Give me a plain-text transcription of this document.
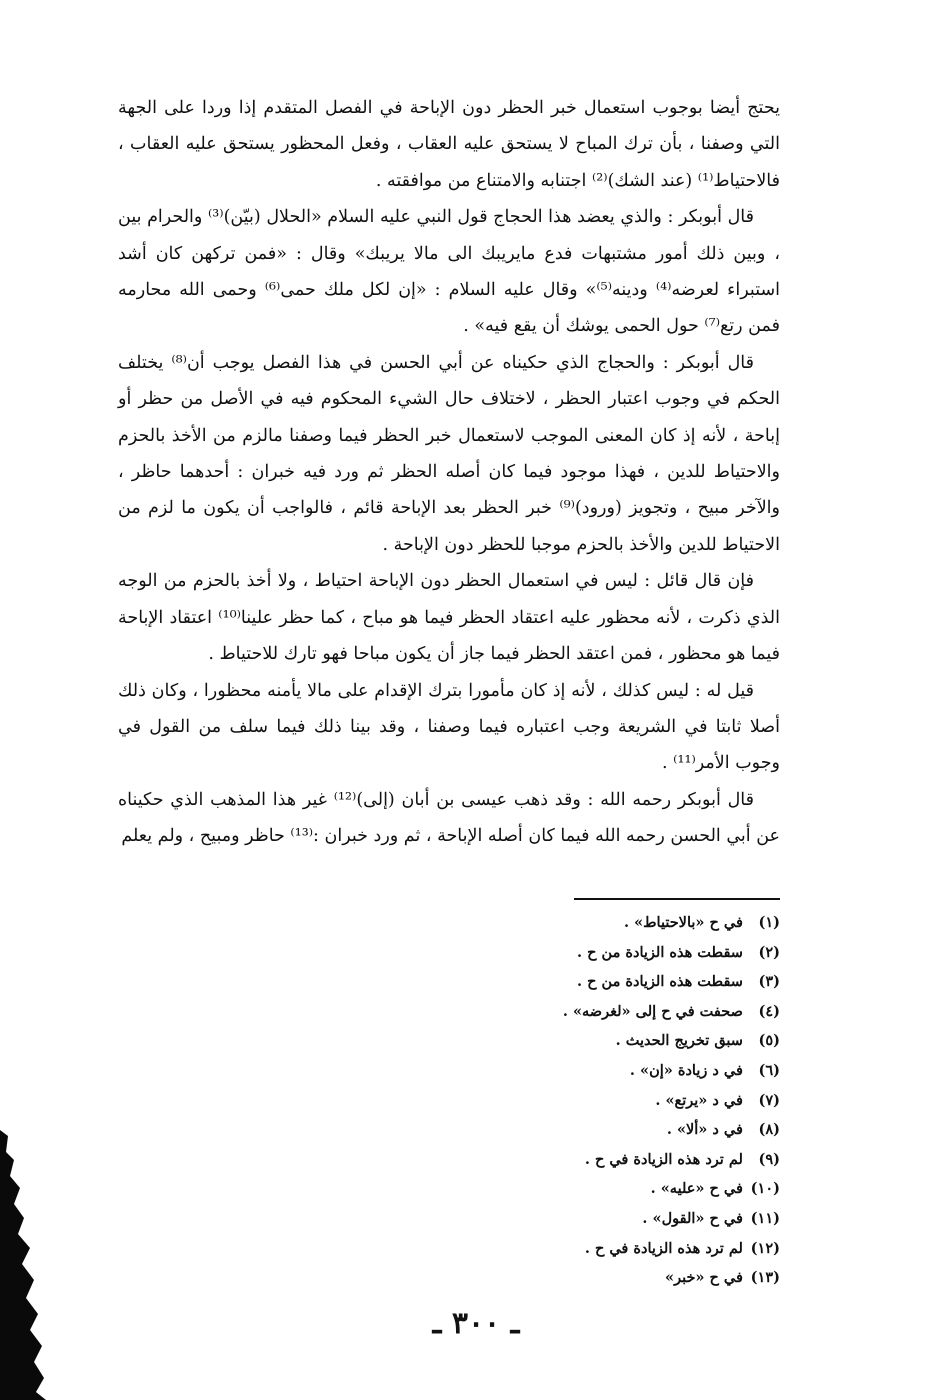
يحتج أيضا بوجوب استعمال خبر الحظر دون الإباحة في الفصل المتقدم إذا وردا على الجهة التي وصفنا ، بأن ترك المباح لا يستحق عليه العقاب ، وفعل المحظور يستحق عليه العقاب ، فالاحتياط⁽¹⁾ (عند الشك)⁽²⁾ اجتنابه والامتناع من موافقته .

قال أبوبكر : والذي يعضد هذا الحجاج قول النبي عليه السلام «الحلال (بيّن)⁽³⁾ والحرام بين ، وبين ذلك أمور مشتبهات فدع مايريبك الى مالا يريبك» وقال : «فمن تركهن كان أشد استبراء لعرضه⁽⁴⁾ ودينه⁽⁵⁾» وقال عليه السلام : «إن لكل ملك حمى⁽⁶⁾ وحمى الله محارمه فمن رتع⁽⁷⁾ حول الحمى يوشك أن يقع فيه» .

قال أبوبكر : والحجاج الذي حكيناه عن أبي الحسن في هذا الفصل يوجب أن⁽⁸⁾ يختلف الحكم في وجوب اعتبار الحظر ، لاختلاف حال الشيء المحكوم فيه في الأصل من حظر أو إباحة ، لأنه إذ كان المعنى الموجب لاستعمال خبر الحظر فيما وصفنا مالزم من الأخذ بالحزم والاحتياط للدين ، فهذا موجود فيما كان أصله الحظر ثم ورد فيه خبران : أحدهما حاظر ، والآخر مبيح ، وتجويز (ورود)⁽⁹⁾ خبر الحظر بعد الإباحة قائم ، فالواجب أن يكون ما لزم من الاحتياط للدين والأخذ بالحزم موجبا للحظر دون الإباحة .

فإن قال قائل : ليس في استعمال الحظر دون الإباحة احتياط ، ولا أخذ بالحزم من الوجه الذي ذكرت ، لأنه محظور عليه اعتقاد الحظر فيما هو مباح ، كما حظر علينا⁽¹⁰⁾ اعتقاد الإباحة فيما هو محظور ، فمن اعتقد الحظر فيما جاز أن يكون مباحا فهو تارك للاحتياط .

قيل له : ليس كذلك ، لأنه إذ كان مأمورا بترك الإقدام على مالا يأمنه محظورا ، وكان ذلك أصلا ثابتا في الشريعة وجب اعتباره فيما وصفنا ، وقد بينا ذلك فيما سلف من القول في وجوب الأمر⁽¹¹⁾ .

قال أبوبكر رحمه الله : وقد ذهب عيسى بن أبان (إلى)⁽¹²⁾ غير هذا المذهب الذي حكيناه عن أبي الحسن رحمه الله فيما كان أصله الإباحة ، ثم ورد خبران :⁽¹³⁾ حاظر ومبيح ، ولم يعلم

(١) في ح «بالاحتياط» .
(٢) سقطت هذه الزيادة من ح .
(٣) سقطت هذه الزيادة من ح .
(٤) صحفت في ح إلى «لغرضه» .
(٥) سبق تخريج الحديث .
(٦) في د زيادة «إن» .
(٧) في د «يرتع» .
(٨) في د «ألا» .
(٩) لم ترد هذه الزيادة في ح .
(١٠) في ح «عليه» .
(١١) في ح «القول» .
(١٢) لم ترد هذه الزيادة في ح .
(١٣) في ح «خبر»
ـ ٣٠٠ ـ
